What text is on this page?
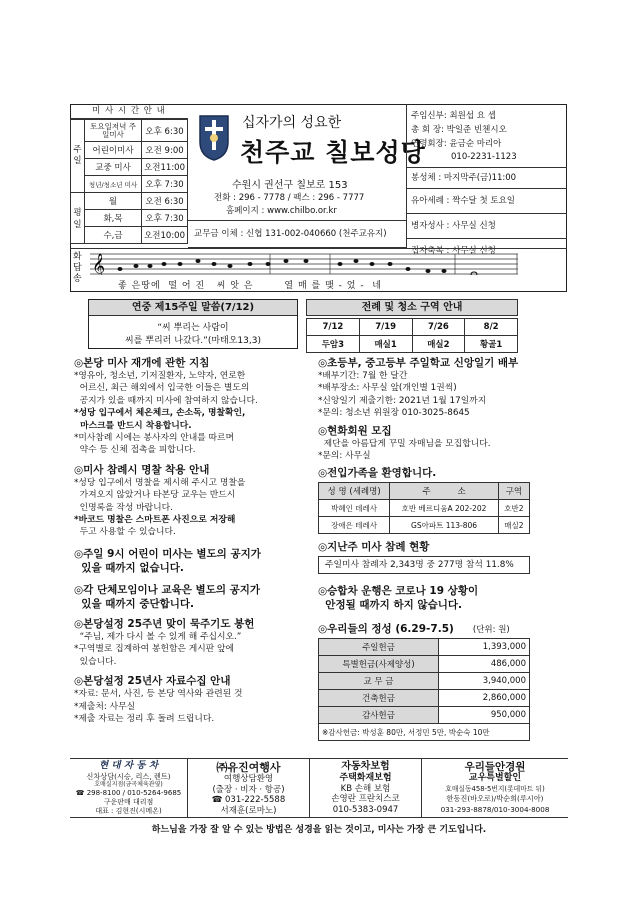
미 사 시 간 안 내
주일	토요일저녁 주일미사	오후 6:30
	어린이미사	오전 9:00
	교중 미사	오전11:00
	청년/청소년 미사	오후 7:30
평일	월	오전 6:30
	화,목	오후 7:30
	수,금	오전10:00
십자가의 성요한
천주교 칠보성당
수원시 권선구 칠보로 153
전화 : 296 - 7778 / 팩스 : 296 - 7777
홈페이지 : www.chilbo.or.kr
교무금 이체 : 신협 131-002-040660 (천주교유지)
주임신부: 최원섭 요 셉
총 회 장: 박일준 빈첸시오
연령회장: 윤금순 마리아
010-2231-1123
봉성체 : 마지막주(금)11:00
유아세례 : 짝수달 첫 토요일
병자성사 : 사무실 신청
집자축복 : 사무실 신청
화답송 𝄞
좋 은땅에  떨 어 진   씨 앗 은        열 매 를 맺 - 었 -  네
연중 제15주일 말씀(7/12)
“씨 뿌리는 사람이
씨를 뿌리러 나갔다.”(마태오13,3)
전례 및 청소 구역 안내
7/12	7/19	7/26	8/2
두암3	매실1	매실2	황골1
◎본당 미사 재개에 관한 지침

*영유아, 청소년, 기저질환자, 노약자, 연로한

어르신, 최근 해외에서 입국한 이들은 별도의

공지가 있을 때까지 미사에 참여하지 않습니다.

*성당 입구에서 체온체크, 손소독, 명찰확인,

마스크를 반드시 착용합니다.

*미사참례 시에는 봉사자의 안내를 따르며

약수 등 신체 접촉을 피합니다.

◎미사 참례시 명찰 착용 안내

*성당 입구에서 명찰을 제시해 주시고 명찰을

가져오지 않았거나 타본당 교우는 반드시

인명록을 작성 바랍니다.

*바코드 명찰은 스마트폰 사진으로 저장해

두고 사용할 수 있습니다.

◎주일 9시 어린이 미사는 별도의 공지가
있을 때까지 없습니다.
◎각 단체모임이나 교육은 별도의 공지가
있을 때까지 중단합니다.
◎본당설정 25주년 맞이 묵주기도 봉헌

“주님, 제가 다시 볼 수 있게 해 주십시오.”

*구역별로 집계하여 봉헌함은 게시판 앞에

있습니다.

◎본당설정 25년사 자료수집 안내

*자료: 문서, 사진, 등 본당 역사와 관련된 것

*제출처: 사무실

*제출 자료는 정리 후 돌려 드립니다.

◎초등부, 중고등부 주일학교 신앙일기 배부

*배부기간: 7월 한 달간

*배부장소: 사무실 앞(개인별 1권씩)

*신앙일기 제출기한: 2021년 1월 17일까지

*문의: 청소년 위원장 010-3025-8645

◎현화회원 모집

제단을 아름답게 꾸밀 자매님을 모집합니다.

*문의: 사무실

◎전입가족을 환영합니다.
성 명 (세례명)	주          소	구역
박혜인 데레사	호반 베르디움A 202-202	호반2
장애은 테레사	GS아파트 113-806	매실2
◎지난주 미사 참례 현황
주일미사 참례자 2,343명 중 277명 참석 11.8%
◎승합차 운행은 코로나 19 상황이
안정될 때까지 하지 않습니다.
◎우리들의 정성 (6.29-7.5) (단위: 원)
주일헌금	1,393,000
특별헌금(사제양성)	486,000
교 무 금	3,940,000
건축헌금	2,860,000
감사헌금	950,000
※감사헌금: 박성훈 80만, 서정민 5만, 박순숙 10만	
현 대 자 동 차
신차상담(시승, 리스, 렌트)
호매실지점(금곡체육관옆)
☎ 298-8100 / 010-5264-9685
구운판매 대리점
대표 : 김현진(시메온)
㈜유진여행사
여행상담환영
(출장 · 비자 · 항공)
☎ 031-222-5588
서재훈(로마노)
자동차보험
주택화재보험
KB 손해 보험
손영란 프란치스코
010-5383-0947
우리들안경원
교우특별할인
호매실동458-5번지(롯데마트 뒤)
한동진(바오로)/박순희(루시아)
031-293-8878/010-3004-8008
하느님을 가장 잘 알 수 있는 방법은 성경을 읽는 것이고, 미사는 가장 큰 기도입니다.
